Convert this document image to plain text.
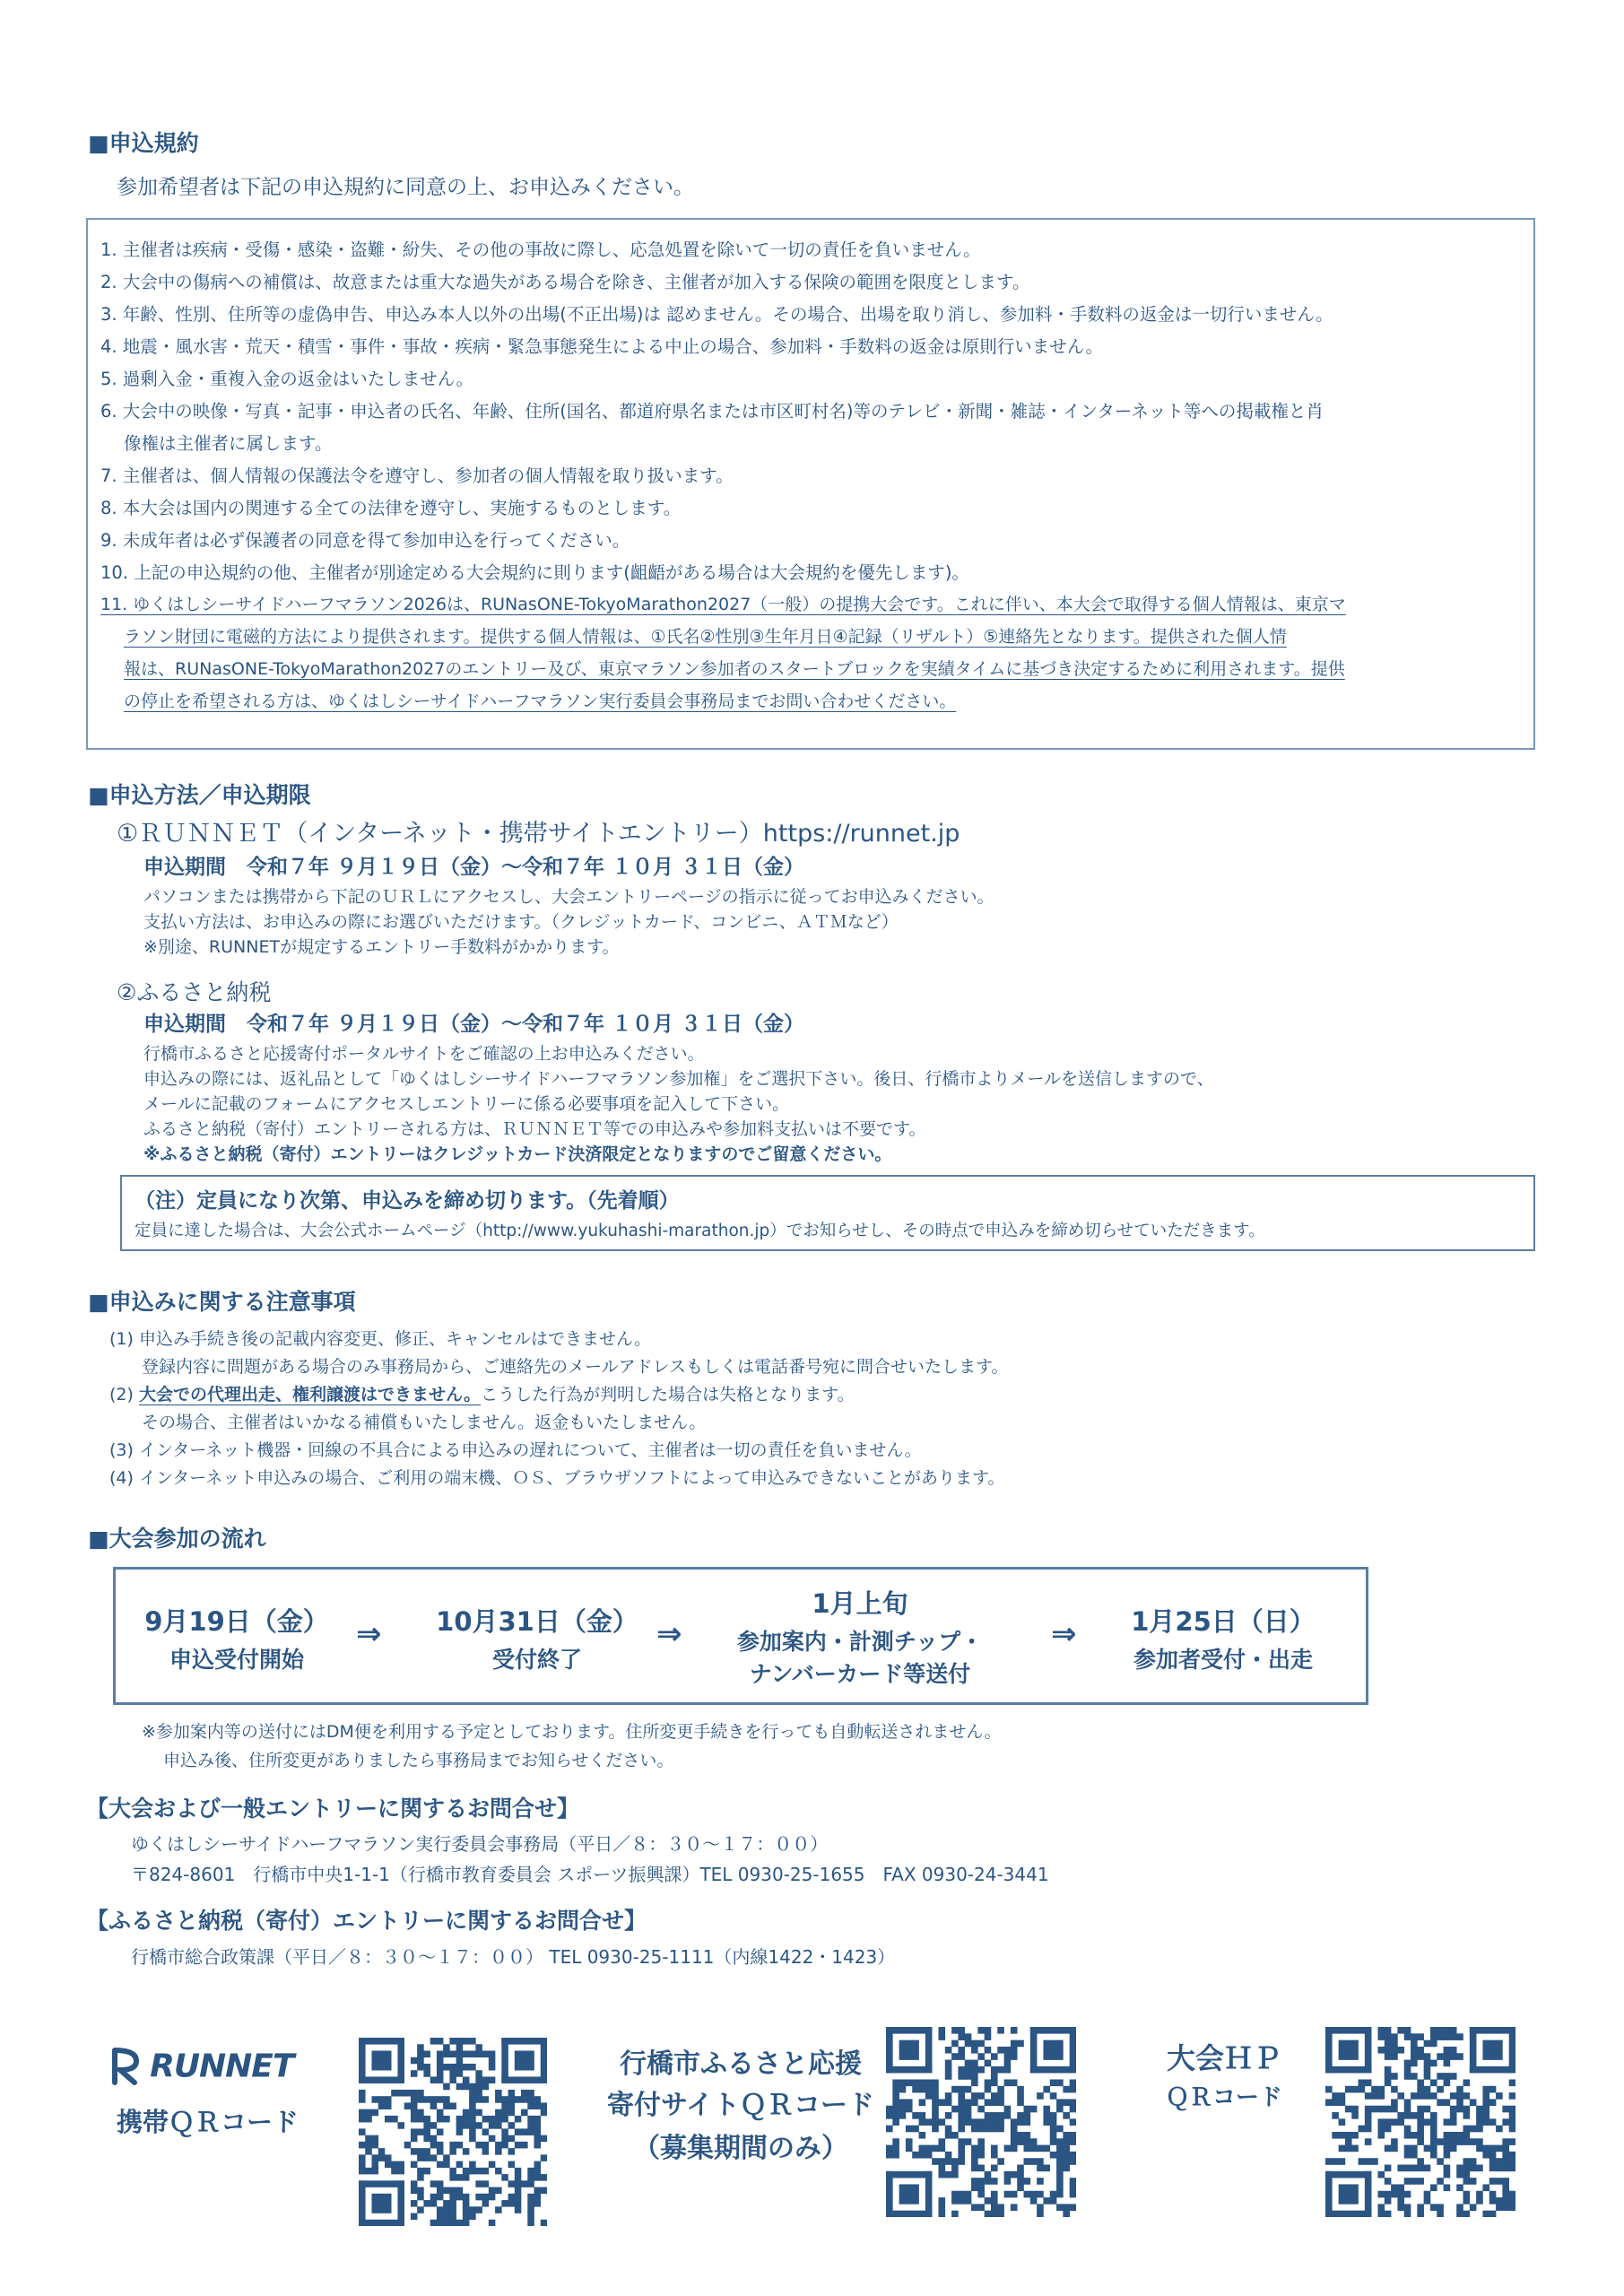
■申込規約
参加希望者は下記の申込規約に同意の上、お申込みください。
1. 主催者は疾病・受傷・感染・盗難・紛失、その他の事故に際し、応急処置を除いて一切の責任を負いません。
2. 大会中の傷病への補償は、故意または重大な過失がある場合を除き、主催者が加入する保険の範囲を限度とします。
3. 年齢、性別、住所等の虚偽申告、申込み本人以外の出場(不正出場)は 認めません。その場合、出場を取り消し、参加料・手数料の返金は一切行いません。
4. 地震・風水害・荒天・積雪・事件・事故・疾病・緊急事態発生による中止の場合、参加料・手数料の返金は原則行いません。
5. 過剰入金・重複入金の返金はいたしません。
6. 大会中の映像・写真・記事・申込者の氏名、年齢、住所(国名、都道府県名または市区町村名)等のテレビ・新聞・雑誌・インターネット等への掲載権と肖
像権は主催者に属します。
7. 主催者は、個人情報の保護法令を遵守し、参加者の個人情報を取り扱います。
8. 本大会は国内の関連する全ての法律を遵守し、実施するものとします。
9. 未成年者は必ず保護者の同意を得て参加申込を行ってください。
10. 上記の申込規約の他、主催者が別途定める大会規約に則ります(齟齬がある場合は大会規約を優先します)。
11. ゆくはしシーサイドハーフマラソン2026は、RUNasONE-TokyoMarathon2027（一般）の提携大会です。これに伴い、本大会で取得する個人情報は、東京マ
ラソン財団に電磁的方法により提供されます。提供する個人情報は、①氏名②性別③生年月日④記録（リザルト）⑤連絡先となります。提供された個人情
報は、RUNasONE-TokyoMarathon2027のエントリー及び、東京マラソン参加者のスタートブロックを実績タイムに基づき決定するために利用されます。提供
の停止を希望される方は、ゆくはしシーサイドハーフマラソン実行委員会事務局までお問い合わせください。
■申込方法／申込期限
①ＲＵＮＮＥＴ（インターネット・携帯サイトエントリー）https://runnet.jp
申込期間　令和７年 ９月１９日（金）～令和７年 １０月 ３１日（金）
パソコンまたは携帯から下記のＵＲＬにアクセスし、大会エントリーページの指示に従ってお申込みください。
支払い方法は、お申込みの際にお選びいただけます。（クレジットカード、コンビニ、ＡＴＭなど）
※別途、RUNNETが規定するエントリー手数料がかかります。
②ふるさと納税
申込期間　令和７年 ９月１９日（金）～令和７年 １０月 ３１日（金）
行橋市ふるさと応援寄付ポータルサイトをご確認の上お申込みください。
申込みの際には、返礼品として「ゆくはしシーサイドハーフマラソン参加権」をご選択下さい。後日、行橋市よりメールを送信しますので、
メールに記載のフォームにアクセスしエントリーに係る必要事項を記入して下さい。
ふるさと納税（寄付）エントリーされる方は、ＲＵＮＮＥＴ等での申込みや参加料支払いは不要です。
※ふるさと納税（寄付）エントリーはクレジットカード決済限定となりますのでご留意ください。
（注）定員になり次第、申込みを締め切ります。（先着順）
定員に達した場合は、大会公式ホームページ（http://www.yukuhashi-marathon.jp）でお知らせし、その時点で申込みを締め切らせていただきます。
■申込みに関する注意事項
(1) 申込み手続き後の記載内容変更、修正、キャンセルはできません。
登録内容に問題がある場合のみ事務局から、ご連絡先のメールアドレスもしくは電話番号宛に問合せいたします。
(2) 大会での代理出走、権利譲渡はできません。こうした行為が判明した場合は失格となります。
その場合、主催者はいかなる補償もいたしません。返金もいたしません。
(3) インターネット機器・回線の不具合による申込みの遅れについて、主催者は一切の責任を負いません。
(4) インターネット申込みの場合、ご利用の端末機、ＯＳ、ブラウザソフトによって申込みできないことがあります。
■大会参加の流れ
9月19日（金）
申込受付開始
⇒	10月31日（金）
受付終了
⇒
1月上旬
参加案内・計測チップ・
ナンバーカード等送付
⇒	1月25日（日）
参加者受付・出走
※参加案内等の送付にはDM便を利用する予定としております。住所変更手続きを行っても自動転送されません。
申込み後、住所変更がありましたら事務局までお知らせください。
【大会および一般エントリーに関するお問合せ】
ゆくはしシーサイドハーフマラソン実行委員会事務局（平日／８：３０～１７：００）
〒824-8601　行橋市中央1-1-1（行橋市教育委員会 スポーツ振興課）TEL 0930-25-1655　FAX 0930-24-3441
【ふるさと納税（寄付）エントリーに関するお問合せ】
行橋市総合政策課（平日／８：３０～１７：００） TEL 0930-25-1111（内線1422・1423）
RUNNET
携帯ＱＲコード
行橋市ふるさと応援
寄付サイトＱＲコード
（募集期間のみ）
大会ＨＰ
ＱＲコード
